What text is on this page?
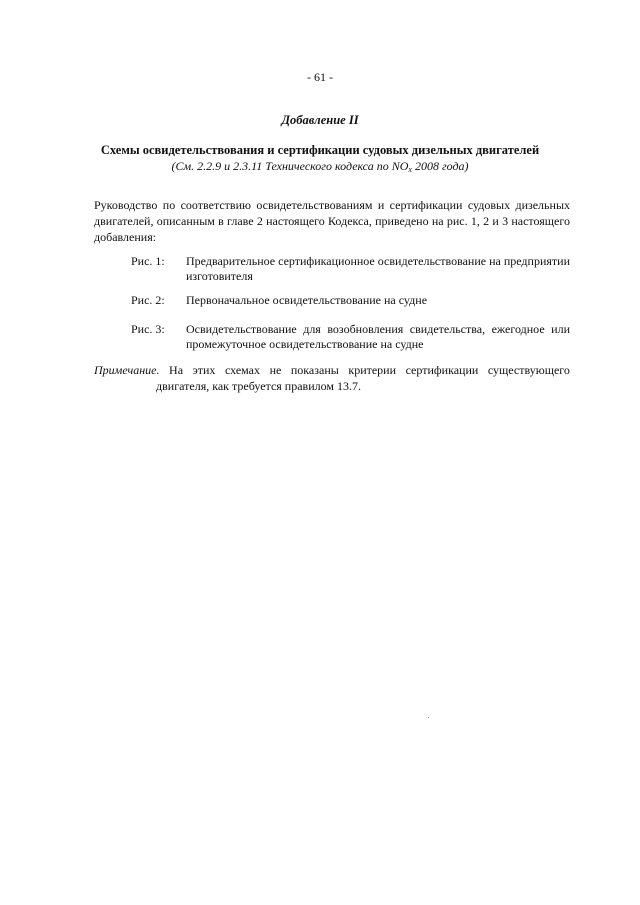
- 61 -
Добавление II
Схемы освидетельствования и сертификации судовых дизельных двигателей
(См. 2.2.9 и 2.3.11 Технического кодекса по $NO_x$ 2008 года)
Руководство по соответствию освидетельствованиям и сертификации судовых дизельных двигателей, описанным в главе 2 настоящего Кодекса, приведено на рис. 1, 2 и 3 настоящего добавления:
Рис. 1:	Предварительное сертификационное освидетельствование на предприятии изготовителя
Рис. 2:	Первоначальное освидетельствование на судне
Рис. 3:	Освидетельствование для возобновления свидетельства, ежегодное или промежуточное освидетельствование на судне
Примечание. На этих схемах не показаны критерии сертификации существующего
двигателя, как требуется правилом 13.7.
